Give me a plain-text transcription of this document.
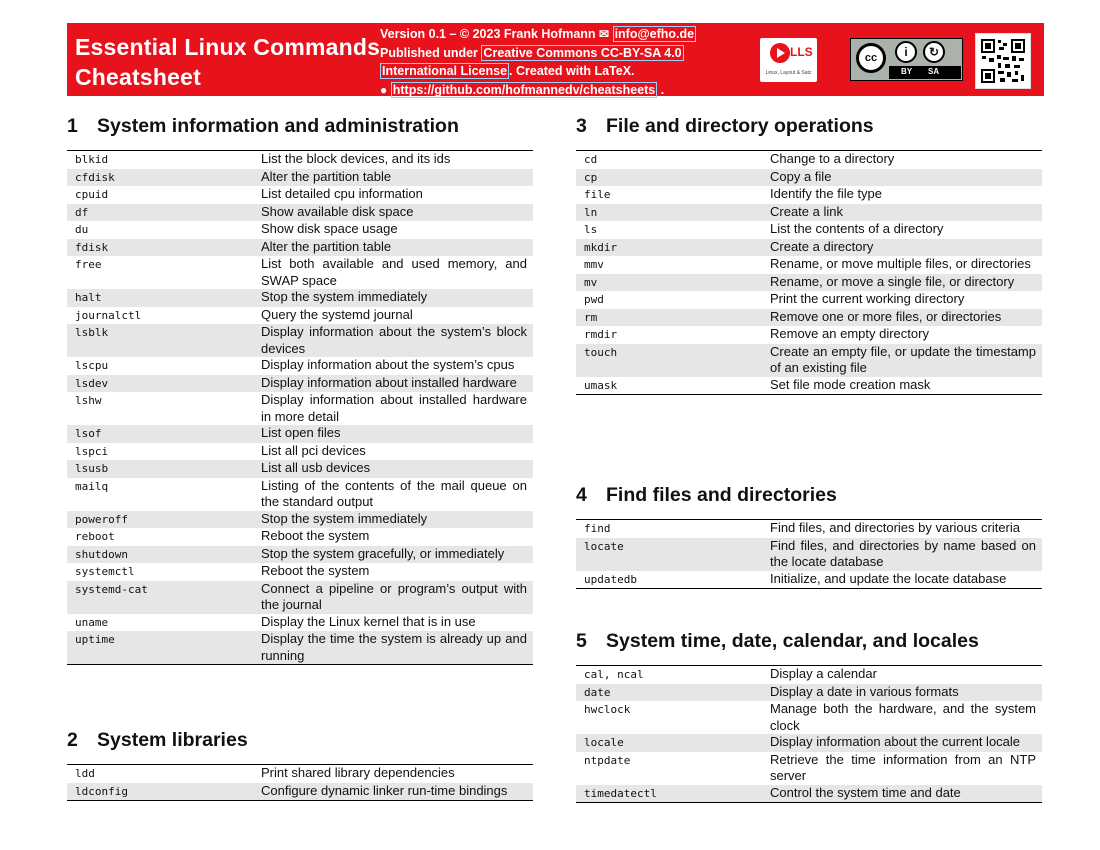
Essential Linux Commands
Cheatsheet
Version 0.1 – © 2023 Frank Hofmann ✉ info@efho.de
Published under Creative Commons CC-BY-SA 4.0
International License . Created with LaTeX.
● https://github.com/hofmannedv/cheatsheets .
LLS
Linux, Layout & Satz
cc	i	↻
BY SA
1 System information and administration
blkid	List the block devices, and its ids
cfdisk	Alter the partition table
cpuid	List detailed cpu information
df	Show available disk space
du	Show disk space usage
fdisk	Alter the partition table
free	List both available and used memory, and SWAP space
halt	Stop the system immediately
journalctl	Query the systemd journal
lsblk	Display information about the system’s block devices
lscpu	Display information about the system’s cpus
lsdev	Display information about installed hardware
lshw	Display information about installed hardware in more detail
lsof	List open files
lspci	List all pci devices
lsusb	List all usb devices
mailq	Listing of the contents of the mail queue on the standard output
poweroff	Stop the system immediately
reboot	Reboot the system
shutdown	Stop the system gracefully, or immediately
systemctl	Reboot the system
systemd-cat	Connect a pipeline or program’s output with the journal
uname	Display the Linux kernel that is in use
uptime	Display the time the system is already up and running
2 System libraries
ldd	Print shared library dependencies
ldconfig	Configure dynamic linker run-time bindings
3 File and directory operations
cd	Change to a directory
cp	Copy a file
file	Identify the file type
ln	Create a link
ls	List the contents of a directory
mkdir	Create a directory
mmv	Rename, or move multiple files, or directories
mv	Rename, or move a single file, or directory
pwd	Print the current working directory
rm	Remove one or more files, or directories
rmdir	Remove an empty directory
touch	Create an empty file, or update the timestamp of an existing file
umask	Set file mode creation mask
4 Find files and directories
find	Find files, and directories by various criteria
locate	Find files, and directories by name based on the locate database
updatedb	Initialize, and update the locate database
5 System time, date, calendar, and locales
cal, ncal	Display a calendar
date	Display a date in various formats
hwclock	Manage both the hardware, and the system clock
locale	Display information about the current locale
ntpdate	Retrieve the time information from an NTP server
timedatectl	Control the system time and date
